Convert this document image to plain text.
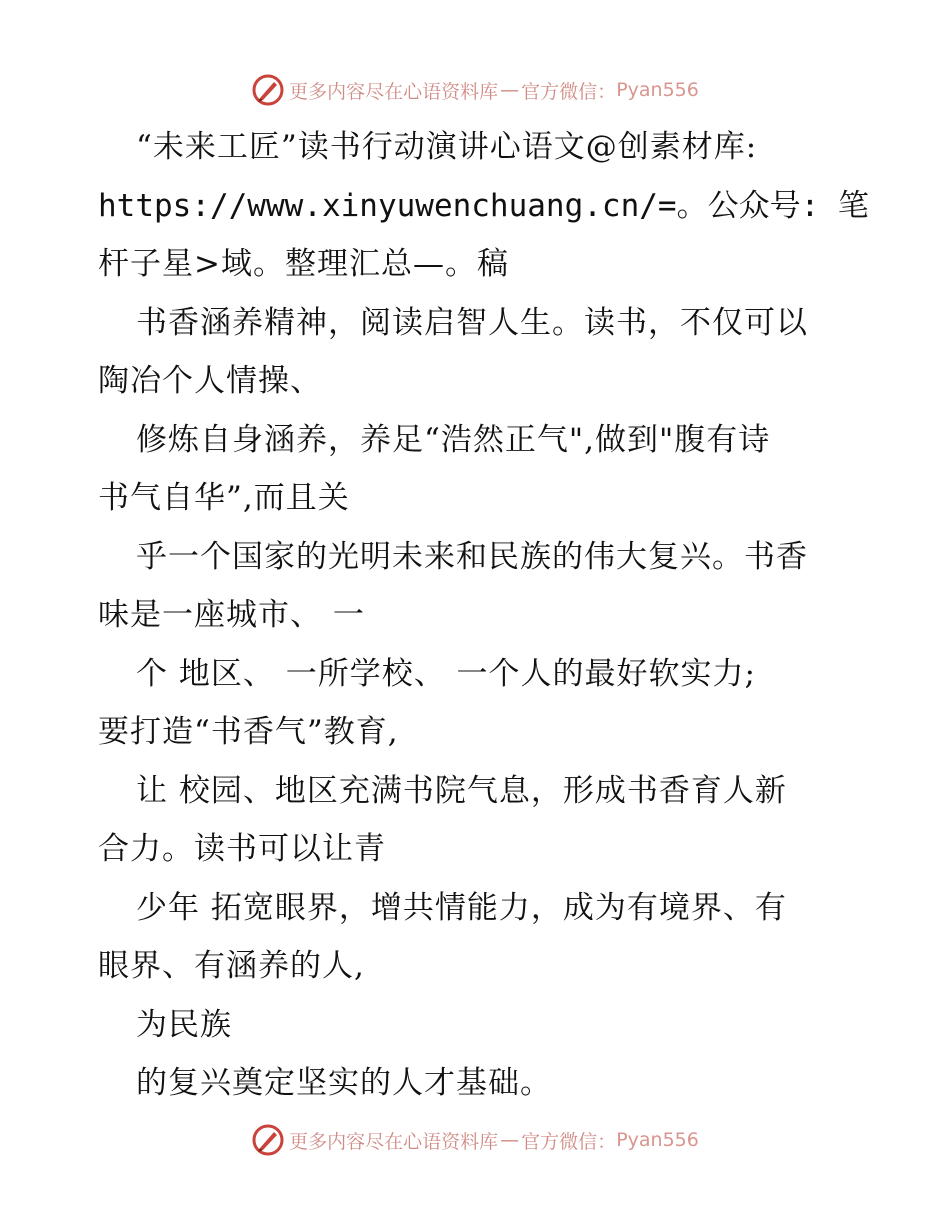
更多内容尽在心语资料库 — 官方微信： Pyan556
“未来工匠”读书行动演讲心语文@创素材库:
https://www.xinyuwenchuang.cn/=。公众号: 笔
杆子星>域。整理汇总—。稿
书香涵养精神，阅读启智人生。读书，不仅可以
陶冶个人情操、
修炼自身涵养，养足“浩然正气",做到"腹有诗
书气自华”,而且关
乎一个国家的光明未来和民族的伟大复兴。书香
味是一座城市、 一
个 地区、 一所学校、 一个人的最好软实力;
要打造“书香气”教育,
让 校园、地区充满书院气息，形成书香育人新
合力。读书可以让青
少年 拓宽眼界，增共情能力，成为有境界、有
眼界、有涵养的人,
为民族
的复兴奠定坚实的人才基础。
更多内容尽在心语资料库 — 官方微信： Pyan556
